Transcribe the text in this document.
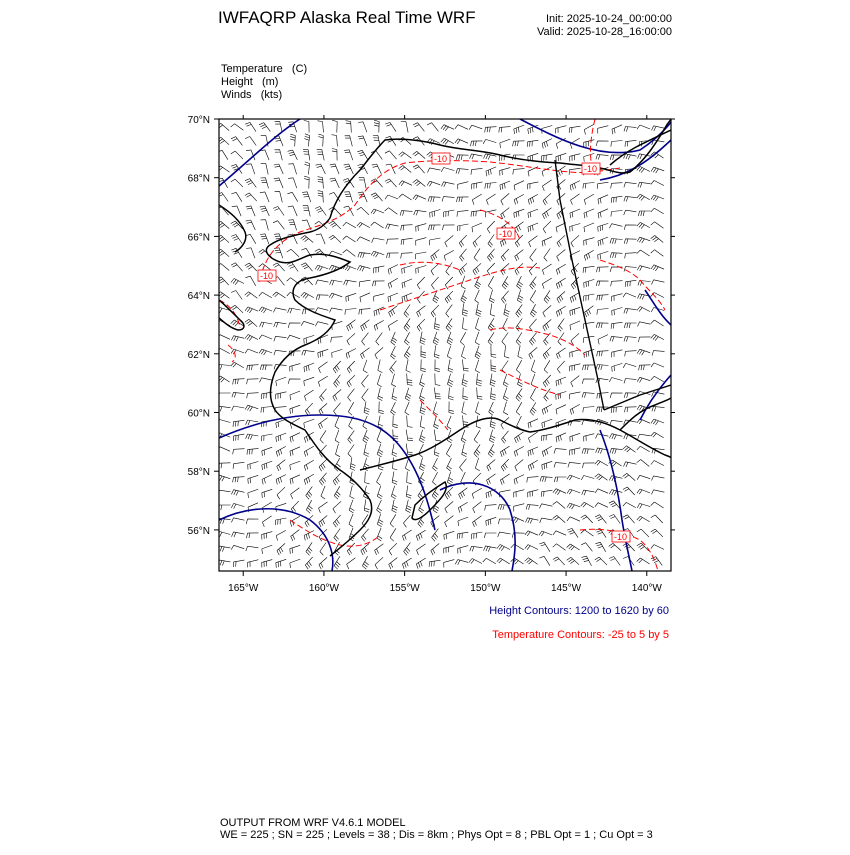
IWFAQRP Alaska Real Time WRF	Init: 2025-10-24_00:00:00
Valid: 2025-10-28_16:00:00
Temperature   (C)
Height   (m)
Winds   (kts)
-10
-10
-10
-10
-10
70°N
68°N
66°N
64°N
62°N
60°N
58°N
56°N
165°W	160°W	155°W	150°W	145°W	140°W
Height Contours: 1200 to 1620 by 60
Temperature Contours: -25 to 5 by 5
OUTPUT FROM WRF V4.6.1 MODEL
WE = 225 ; SN = 225 ; Levels = 38 ; Dis = 8km ; Phys Opt = 8 ; PBL Opt = 1 ; Cu Opt = 3
